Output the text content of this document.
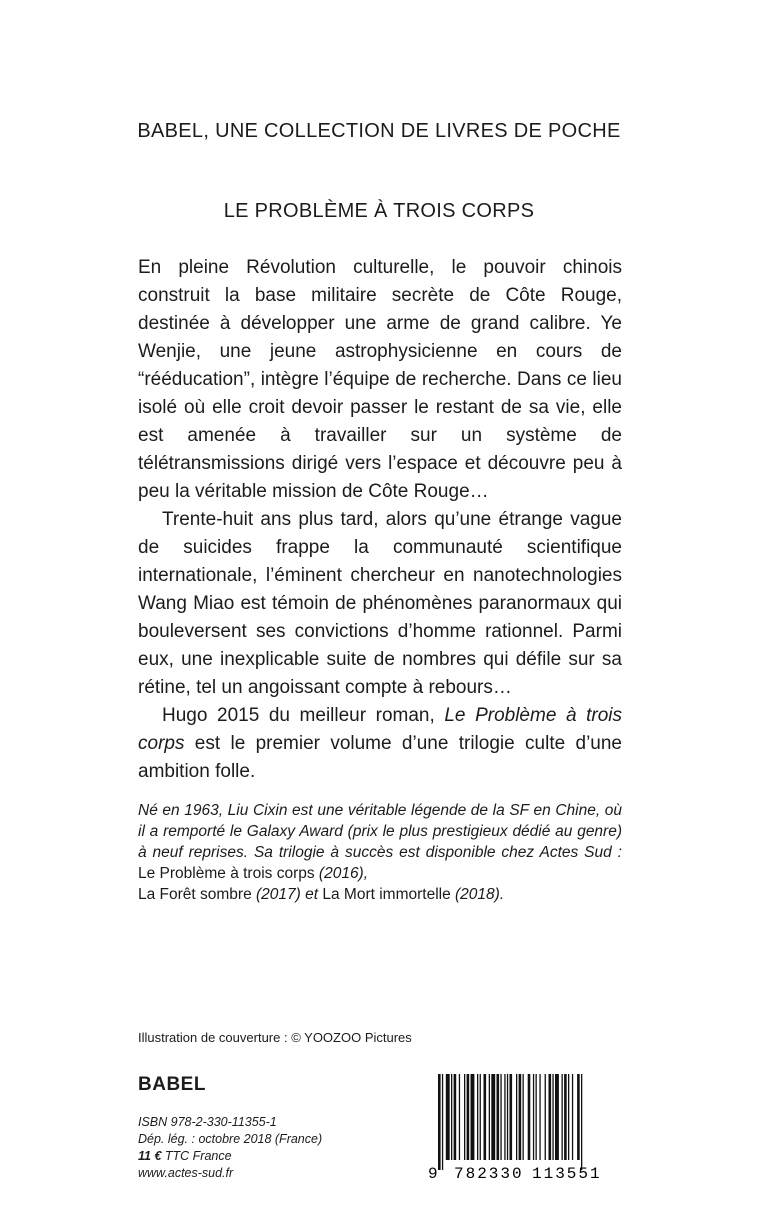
BABEL, UNE COLLECTION DE LIVRES DE POCHE
LE PROBLÈME À TROIS CORPS

En pleine Révolution culturelle, le pouvoir chinois construit la base militaire secrète de Côte Rouge, destinée à développer une arme de grand calibre. Ye Wenjie, une jeune astrophysicienne en cours de “rééducation”, intègre l’équipe de recherche. Dans ce lieu isolé où elle croit devoir passer le restant de sa vie, elle est amenée à travailler sur un système de télétransmissions dirigé vers l’espace et découvre peu à peu la véritable mission de Côte Rouge…

Trente-huit ans plus tard, alors qu’une étrange vague de suicides frappe la communauté scientifique internationale, l’éminent chercheur en nanotechnologies Wang Miao est témoin de phénomènes paranormaux qui bouleversent ses convictions d’homme rationnel. Parmi eux, une inexplicable suite de nombres qui défile sur sa rétine, tel un angoissant compte à rebours…

Hugo 2015 du meilleur roman, Le Problème à trois corps est le premier volume d’une trilogie culte d’une ambition folle.

Né en 1963, Liu Cixin est une véritable légende de la SF en Chine, où il a remporté le Galaxy Award (prix le plus prestigieux dédié au genre) à neuf reprises. Sa trilogie à succès est disponible chez Actes Sud : Le Problème à trois corps (2016),
La Forêt sombre (2017) et La Mort immortelle (2018).

Illustration de couverture : © YOOZOO Pictures
BABEL
ISBN 978-2-330-11355-1
Dép. lég. : octobre 2018 (France)
11 € TTC France
www.actes-sud.fr	9 782330 113551
